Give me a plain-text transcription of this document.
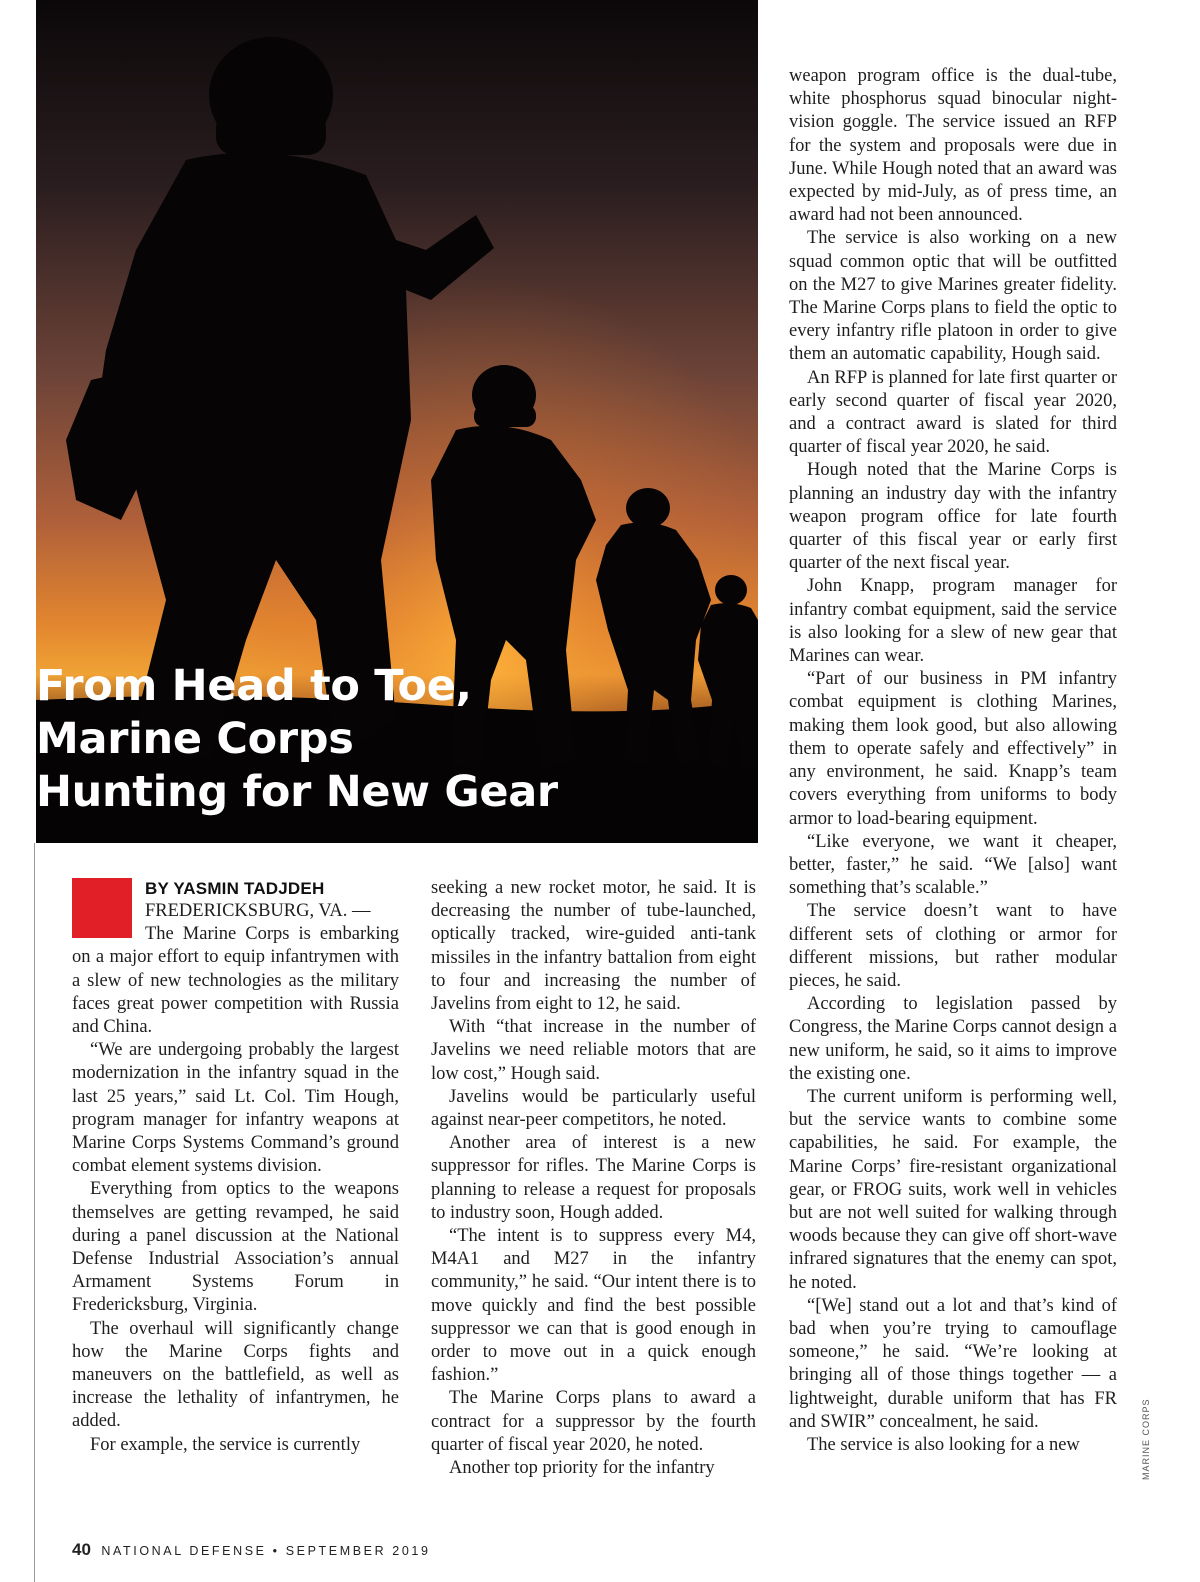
From Head to Toe,
Marine Corps
Hunting for New Gear
BY YASMIN TADJDEH

FREDERICKSBURG, VA. —
The Marine Corps is embarking on a major effort to equip infantrymen with a slew of new technologies as the military faces great power competition with Russia and China.

“We are undergoing probably the largest modernization in the infantry squad in the last 25 years,” said Lt. Col. Tim Hough, program manager for infantry weapons at Marine Corps Systems Command’s ground combat element systems division.

Everything from optics to the weapons themselves are getting revamped, he said during a panel discussion at the National Defense Industrial Association’s annual Armament Systems Forum in Fredericksburg, Virginia.

The overhaul will significantly change how the Marine Corps fights and maneuvers on the battlefield, as well as increase the lethality of infantrymen, he added.

For example, the service is currently

seeking a new rocket motor, he said. It is decreasing the number of tube-launched, optically tracked, wire-guided anti-tank missiles in the infantry battalion from eight to four and increasing the number of Javelins from eight to 12, he said.

With “that increase in the number of Javelins we need reliable motors that are low cost,” Hough said.

Javelins would be particularly useful against near-peer competitors, he noted.

Another area of interest is a new suppressor for rifles. The Marine Corps is planning to release a request for proposals to industry soon, Hough added.

“The intent is to suppress every M4, M4A1 and M27 in the infantry community,” he said. “Our intent there is to move quickly and find the best possible suppressor we can that is good enough in order to move out in a quick enough fashion.”

The Marine Corps plans to award a contract for a suppressor by the fourth quarter of fiscal year 2020, he noted.

Another top priority for the infantry

weapon program office is the dual-tube, white phosphorus squad binocular night-vision goggle. The service issued an RFP for the system and proposals were due in June. While Hough noted that an award was expected by mid-July, as of press time, an award had not been announced.

The service is also working on a new squad common optic that will be outfitted on the M27 to give Marines greater fidelity. The Marine Corps plans to field the optic to every infantry rifle platoon in order to give them an automatic capability, Hough said.

An RFP is planned for late first quarter or early second quarter of fiscal year 2020, and a contract award is slated for third quarter of fiscal year 2020, he said.

Hough noted that the Marine Corps is planning an industry day with the infantry weapon program office for late fourth quarter of this fiscal year or early first quarter of the next fiscal year.

John Knapp, program manager for infantry combat equipment, said the service is also looking for a slew of new gear that Marines can wear.

“Part of our business in PM infantry combat equipment is clothing Marines, making them look good, but also allowing them to operate safely and effectively” in any environment, he said. Knapp’s team covers everything from uniforms to body armor to load-bearing equipment.

“Like everyone, we want it cheaper, better, faster,” he said. “We [also] want something that’s scalable.”

The service doesn’t want to have different sets of clothing or armor for different missions, but rather modular pieces, he said.

According to legislation passed by Congress, the Marine Corps cannot design a new uniform, he said, so it aims to improve the existing one.

The current uniform is performing well, but the service wants to combine some capabilities, he said. For example, the Marine Corps’ fire-resistant organizational gear, or FROG suits, work well in vehicles but are not well suited for walking through woods because they can give off short-wave infrared signatures that the enemy can spot, he noted.

“[We] stand out a lot and that’s kind of bad when you’re trying to camouflage someone,” he said. “We’re looking at bringing all of those things together — a lightweight, durable uniform that has FR and SWIR” concealment, he said.

The service is also looking for a new	MARINE CORPS
40 NATIONAL DEFENSE • SEPTEMBER 2019
